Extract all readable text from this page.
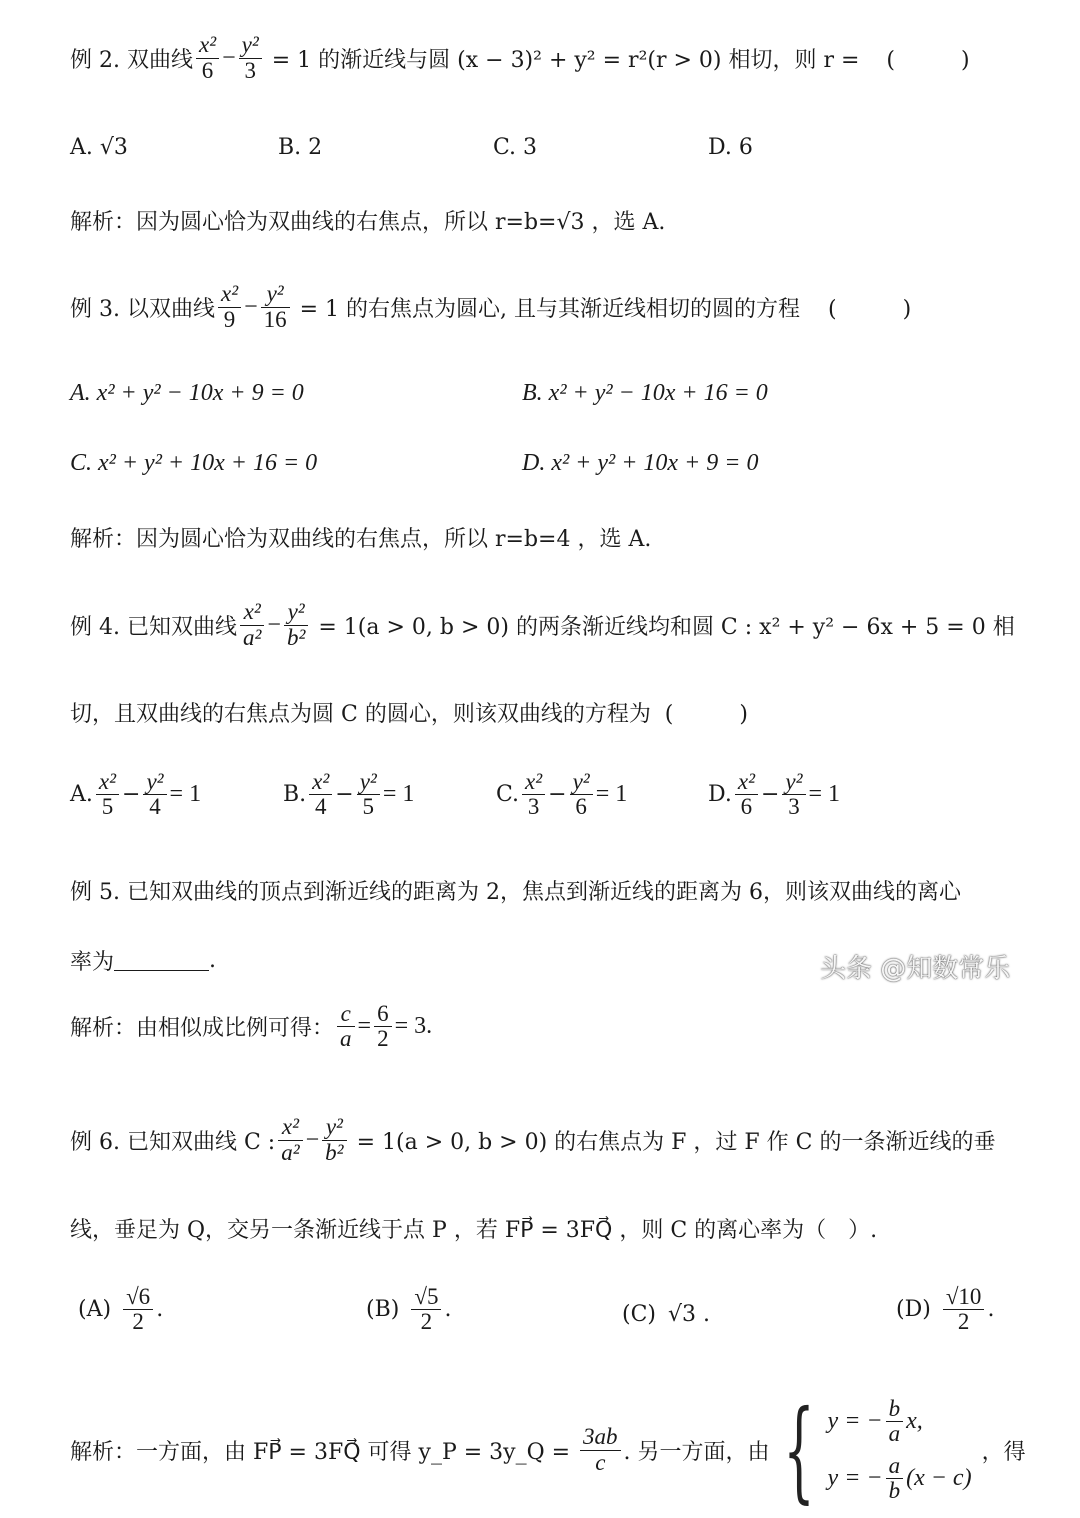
例 2. 双曲线 $\frac{\text{x²}}{6} - \frac{\text{y²}}{3} = 1$ 的渐近线与圆 (x − 3)² + y² = r²(r > 0) 相切，则 r = (　　　)
A. √3	B. 2	C. 3	D. 6
解析：因为圆心恰为双曲线的右焦点，所以 r=b=√3 ，选 A.
例 3. 以双曲线 $\frac{\text{x²}}{9} - \frac{\text{y²}}{16} = 1$ 的右焦点为圆心, 且与其渐近线相切的圆的方程 (　　　)
A. x² + y² − 10x + 9 = 0	B. x² + y² − 10x + 16 = 0
C. x² + y² + 10x + 16 = 0	D. x² + y² + 10x + 9 = 0
解析：因为圆心恰为双曲线的右焦点，所以 r=b=4 ，选 A.
例 4. 已知双曲线 $\frac{\text{x²}}{\text{a²}} - \frac{\text{y²}}{\text{b²}} = 1(a > 0$, b > 0) 的两条渐近线均和圆 C : x² + y² − 6x + 5 = 0 相
切，且双曲线的右焦点为圆 C 的圆心，则该双曲线的方程为  (　　　)
A. $\frac{\text{x²}}{5} - \frac{\text{y²}}{4} = 1$	B. $\frac{\text{x²}}{4} - \frac{\text{y²}}{5} = 1$	C. $\frac{\text{x²}}{3} - \frac{\text{y²}}{6} = 1$	D. $\frac{\text{x²}}{6} - \frac{\text{y²}}{3} = 1$
例 5. 已知双曲线的顶点到渐近线的距离为 2，焦点到渐近线的距离为 6，则该双曲线的离心
率为	.
解析：由相似成比例可得： $\frac{c}{a} = \frac{6}{2} = 3$.
例 6. 已知双曲线 C : $\frac{\text{x²}}{\text{a²}} - \frac{\text{y²}}{\text{b²}} = 1(a > 0$, b > 0) 的右焦点为 F ，过 F 作 C 的一条渐近线的垂
线，垂足为 Q，交另一条渐近线于点 P ，若 FP⃗ = 3FQ⃗ ，则 C 的离心率为（　）.
$(A) \frac{√6}{2}$ .	$(B) \frac{√5}{2}$ .	(C) √3 .	$(D) \frac{√10}{2}$ .
解析：一方面，由 FP⃗ = 3FQ⃗ 可得 y_P = 3y_Q = $\frac{3ab}{c}$ . 另一方面，由 { y = − $\frac{b}{a} x$,
y = − $\frac{a}{b} (x - c)$
，得
头条 @知数常乐
